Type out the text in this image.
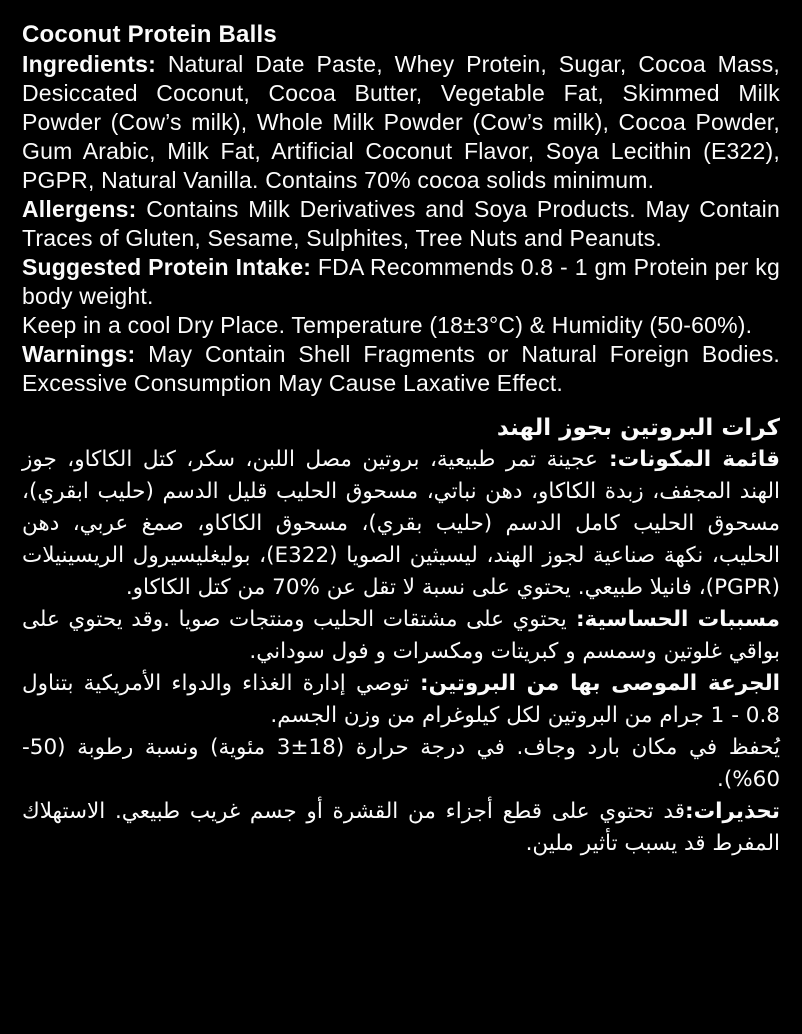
Coconut Protein Balls

Ingredients: Natural Date Paste, Whey Protein, Sugar, Cocoa Mass, Desiccated Coconut, Cocoa Butter, Vegetable Fat, Skimmed Milk Powder (Cow’s milk), Whole Milk Powder (Cow’s milk), Cocoa Powder, Gum Arabic, Milk Fat, Artificial Coconut Flavor, Soya Lecithin (E322), PGPR, Natural Vanilla. Contains 70% cocoa solids minimum.

Allergens: Contains Milk Derivatives and Soya Products. May Contain Traces of Gluten, Sesame, Sulphites, Tree Nuts and Peanuts.

Suggested Protein Intake: FDA Recommends 0.8 - 1 gm Protein per kg body weight.

Keep in a cool Dry Place. Temperature (18±3°C) & Humidity (50-60%).

Warnings: May Contain Shell Fragments or Natural Foreign Bodies. Excessive Consumption May Cause Laxative Effect.

كرات البروتين بجوز الهند

قائمة المكونات: عجينة تمر طبيعية، بروتين مصل اللبن، سكر، كتل الكاكاو، جوز الهند المجفف، زبدة الكاكاو، دهن نباتي، مسحوق الحليب قليل الدسم (حليب ابقري)، مسحوق الحليب كامل الدسم (حليب بقري)، مسحوق الكاكاو، صمغ عربي، دهن الحليب، نكهة صناعية لجوز الهند، ليسيثين الصويا (E322)، بوليغليسيرول الريسينيلات (PGPR)، فانيلا طبيعي. يحتوي على نسبة لا تقل عن %70 من كتل الكاكاو.

مسببات الحساسية: يحتوي على مشتقات الحليب ومنتجات صويا .وقد يحتوي على بواقي غلوتين وسمسم و كبريتات ومكسرات و فول سوداني.

الجرعة الموصى بها من البروتين: توصي إدارة الغذاء والدواء الأمريكية بتناول 0.8 - 1 جرام من البروتين لكل كيلوغرام من وزن الجسم.

يُحفظ في مكان بارد وجاف. في درجة حرارة (18±3 مئوية) ونسبة رطوبة (50-60%).

تحذيرات:قد تحتوي على قطع أجزاء من القشرة أو جسم غريب طبيعي. الاستهلاك المفرط قد يسبب تأثير ملين.
